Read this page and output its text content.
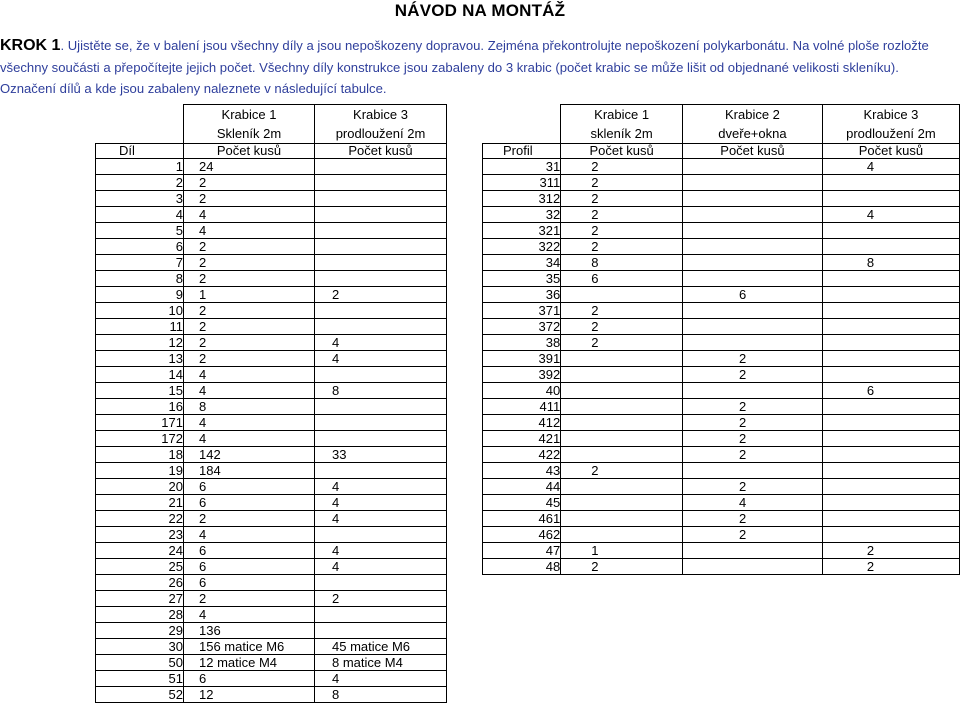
NÁVOD NA MONTÁŽ
KROK 1. Ujistěte se, že v balení jsou všechny díly a jsou nepoškozeny dopravou. Zejména překontrolujte nepoškození polykarbonátu. Na volné ploše rozložte všechny součásti a přepočítejte jejich počet. Všechny díly konstrukce jsou zabaleny do 3 krabic (počet krabic se může lišit od objednané velikosti skleníku). Označení dílů a kde jsou zabaleny naleznete v následující tabulce.
	Krabice 1	Krabice 3
	Skleník 2m	prodloužení 2m
Díl	Počet kusů	Počet kusů
1	24	
2	2	
3	2	
4	4	
5	4	
6	2	
7	2	
8	2	
9	1	2
10	2	
11	2	
12	2	4
13	2	4
14	4	
15	4	8
16	8	
171	4	
172	4	
18	142	33
19	184	
20	6	4
21	6	4
22	2	4
23	4	
24	6	4
25	6	4
26	6	
27	2	2
28	4	
29	136	
30	156 matice M6	45 matice M6
50	12 matice M4	8 matice M4
51	6	4
52	12	8
	Krabice 1	Krabice 2	Krabice 3
	skleník 2m	dveře+okna	prodloužení 2m
Profil	Počet kusů	Počet kusů	Počet kusů
31	2		4
311	2		
312	2		
32	2		4
321	2		
322	2		
34	8		8
35	6		
36		6	
371	2		
372	2		
38	2		
391		2	
392		2	
40			6
411		2	
412		2	
421		2	
422		2	
43	2		
44		2	
45		4	
461		2	
462		2	
47	1		2
48	2		2
